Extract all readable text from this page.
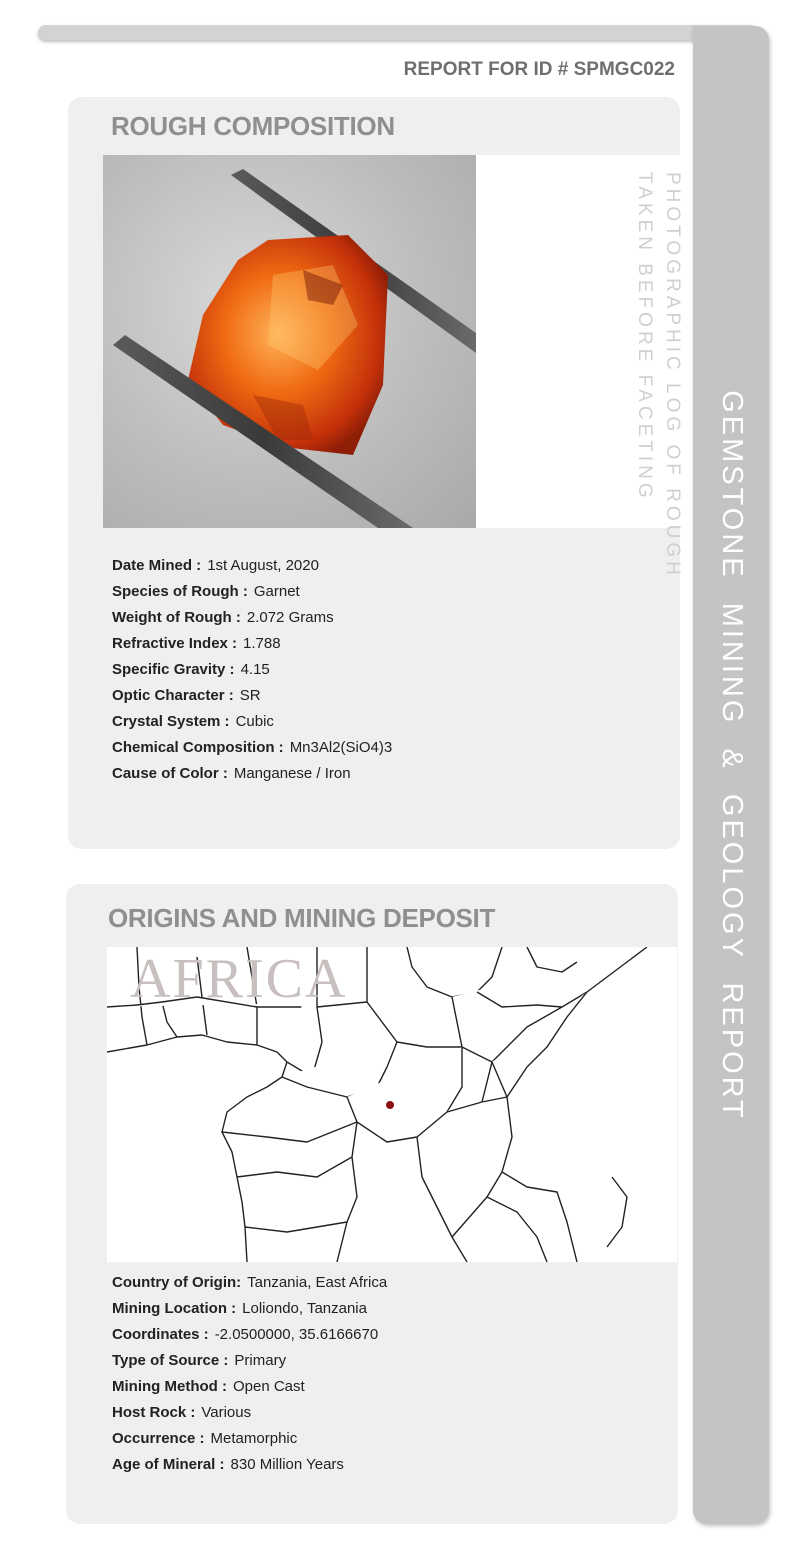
GEMSTONE MINING & GEOLOGY REPORT
REPORT FOR ID # SPMGC022
ROUGH COMPOSITION
PHOTOGRAPHIC LOG OF ROUGH
TAKEN BEFORE FACETING
Date Mined : 1st August, 2020
Species of Rough : Garnet
Weight of Rough : 2.072 Grams
Refractive Index : 1.788
Specific Gravity : 4.15
Optic Character : SR
Crystal System : Cubic
Chemical Composition : Mn3Al2(SiO4)3
Cause of Color : Manganese / Iron
ORIGINS AND MINING DEPOSIT
AFRICA
Country of Origin: Tanzania, East Africa
Mining Location : Loliondo, Tanzania
Coordinates : -2.0500000, 35.6166670
Type of Source : Primary
Mining Method : Open Cast
Host Rock : Various
Occurrence : Metamorphic
Age of Mineral : 830 Million Years
